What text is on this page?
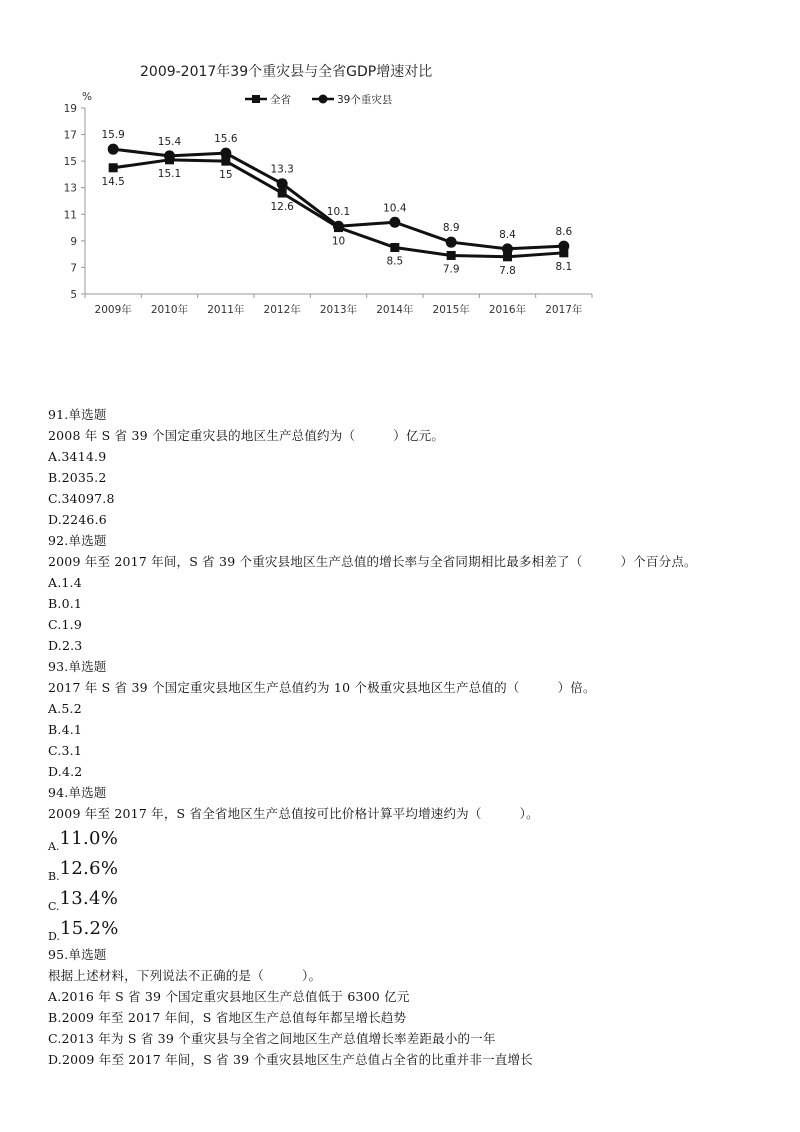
2009-2017年39个重灾县与全省GDP增速对比
全省	39个重灾县
5
7
9
11
13
15
17
19
%
2009年 2010年 2011年 2012年 2013年 2014年 2015年 2016年 2017年
14.5
15.1	15
12.6
10
8.5
7.9	7.8	8.1
15.9
15.4	15.6
13.3
10.1	10.4
8.9
8.4	8.6
91.单选题
2008 年 S 省 39 个国定重灾县的地区生产总值约为（　　　）亿元。
A.3414.9
B.2035.2
C.34097.8
D.2246.6
92.单选题
2009 年至 2017 年间，S 省 39 个重灾县地区生产总值的增长率与全省同期相比最多相差了（　　　）个百分点。
A.1.4
B.0.1
C.1.9
D.2.3
93.单选题
2017 年 S 省 39 个国定重灾县地区生产总值约为 10 个极重灾县地区生产总值的（　　　）倍。
A.5.2
B.4.1
C.3.1
D.4.2
94.单选题
2009 年至 2017 年，S 省全省地区生产总值按可比价格计算平均增速约为（　　　）。
$_{A.}$11.0%
$_{B.}$12.6%
$_{C.}$13.4%
$_{D.}$15.2%
95.单选题
根据上述材料，下列说法不正确的是（　　　）。
A.2016 年 S 省 39 个国定重灾县地区生产总值低于 6300 亿元
B.2009 年至 2017 年间，S 省地区生产总值每年都呈增长趋势
C.2013 年为 S 省 39 个重灾县与全省之间地区生产总值增长率差距最小的一年
D.2009 年至 2017 年间，S 省 39 个重灾县地区生产总值占全省的比重并非一直增长
